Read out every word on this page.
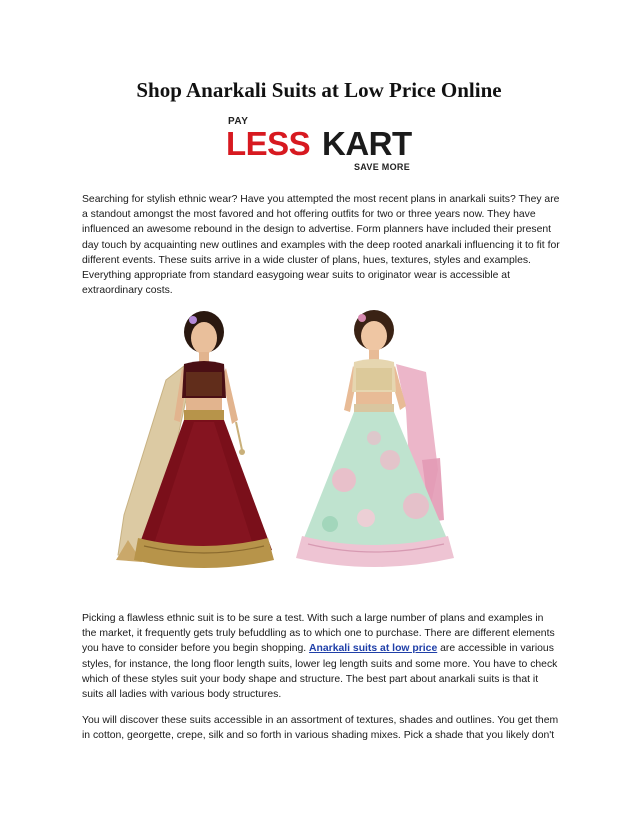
Shop Anarkali Suits at Low Price Online
PAY
LESS KART
SAVE MORE

Searching for stylish ethnic wear? Have you attempted the most recent plans in anarkali suits? They are a standout amongst the most favored and hot offering outfits for two or three years now. They have influenced an awesome rebound in the design to advertise. Form planners have included their present day touch by acquainting new outlines and examples with the deep rooted anarkali influencing it to fit for different events. These suits arrive in a wide cluster of plans, hues, textures, styles and examples. Everything appropriate from standard easygoing wear suits to originator wear is accessible at extraordinary costs.

Picking a flawless ethnic suit is to be sure a test. With such a large number of plans and examples in the market, it frequently gets truly befuddling as to which one to purchase. There are different elements you have to consider before you begin shopping. Anarkali suits at low price are accessible in various styles, for instance, the long floor length suits, lower leg length suits and some more. You have to check which of these styles suit your body shape and structure. The best part about anarkali suits is that it suits all ladies with various body structures.

You will discover these suits accessible in an assortment of textures, shades and outlines. You get them in cotton, georgette, crepe, silk and so forth in various shading mixes. Pick a shade that you likely don't
